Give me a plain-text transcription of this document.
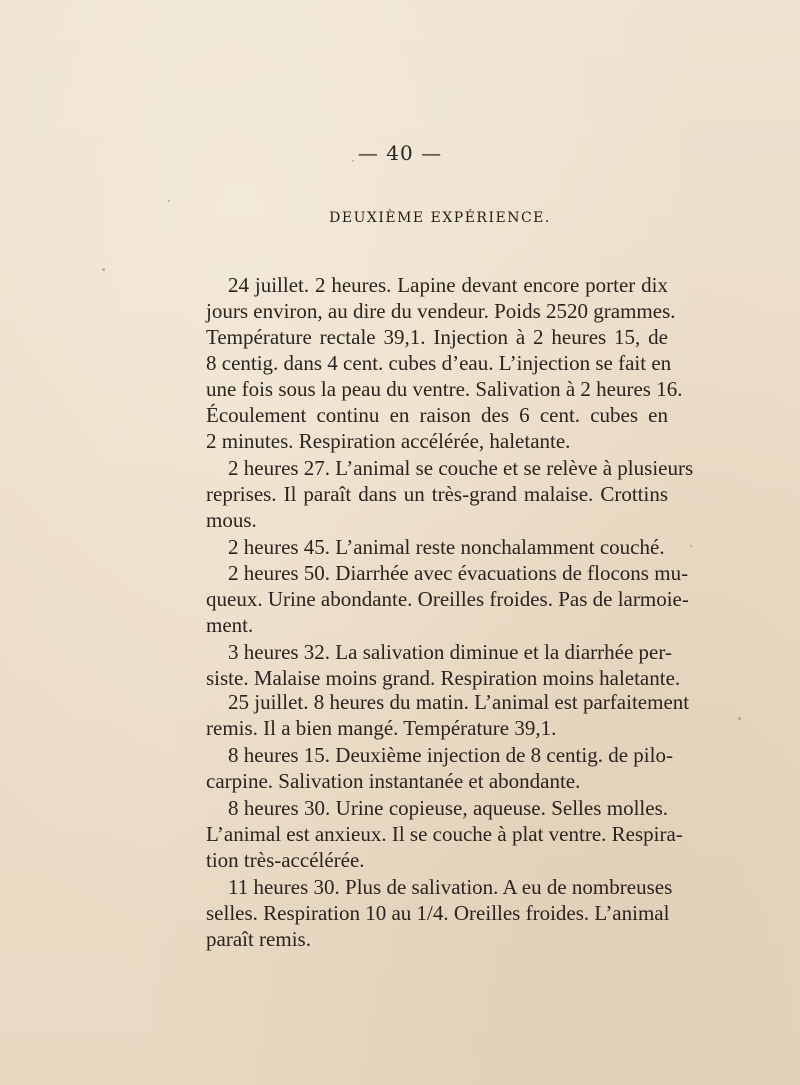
— 40 —
DEUXIÈME EXPÉRIENCE.
24 juillet. 2 heures. Lapine devant encore porter dix
jours environ, au dire du vendeur. Poids 2520 grammes.
Température rectale 39,1. Injection à 2 heures 15, de
8 centig. dans 4 cent. cubes d’eau. L’injection se fait en
une fois sous la peau du ventre. Salivation à 2 heures 16.
Écoulement continu en raison des 6 cent. cubes en
2 minutes. Respiration accélérée, haletante.
2 heures 27. L’animal se couche et se relève à plusieurs
reprises. Il paraît dans un très-grand malaise. Crottins
mous.
2 heures 45. L’animal reste nonchalamment couché.
2 heures 50. Diarrhée avec évacuations de flocons mu-
queux. Urine abondante. Oreilles froides. Pas de larmoie-
ment.
3 heures 32. La salivation diminue et la diarrhée per-
siste. Malaise moins grand. Respiration moins haletante.
25 juillet. 8 heures du matin. L’animal est parfaitement
remis. Il a bien mangé. Température 39,1.
8 heures 15. Deuxième injection de 8 centig. de pilo-
carpine. Salivation instantanée et abondante.
8 heures 30. Urine copieuse, aqueuse. Selles molles.
L’animal est anxieux. Il se couche à plat ventre. Respira-
tion très-accélérée.
11 heures 30. Plus de salivation. A eu de nombreuses
selles. Respiration 10 au 1/4. Oreilles froides. L’animal
paraît remis.
